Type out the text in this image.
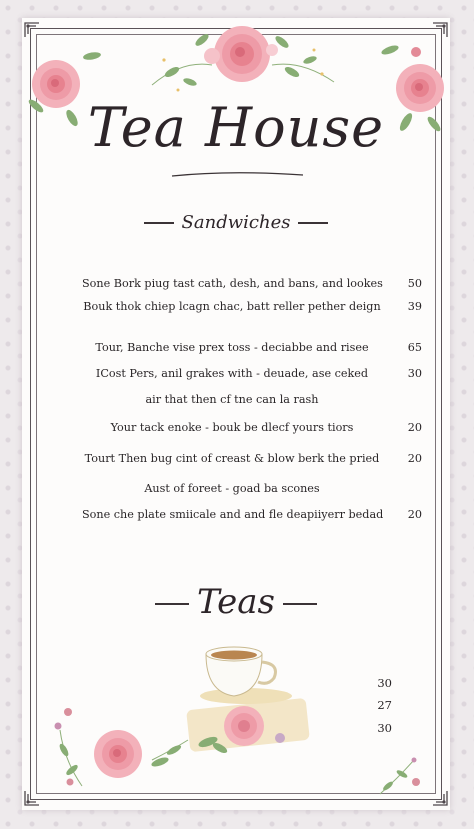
Tea House
Sandwiches
Sone Bork piug tast cath, desh, and bans, and lookes	50
Bouk thok chiep lcagn chac, batt reller pether deign	39
Tour, Banche vise prex toss - deciabbe and risee	65
ICost Pers, anil grakes with - deuade, ase ceked	30
air that then cf tne can la rash
Your tack enoke - bouk be dlecf yours tiors	20
Tourt Then bug cint of creast & blow berk the pried	20
Aust of foreet - goad ba scones
Sone che plate smiicale and and fle deapiiyerr bedad	20
Teas
30
27
30
